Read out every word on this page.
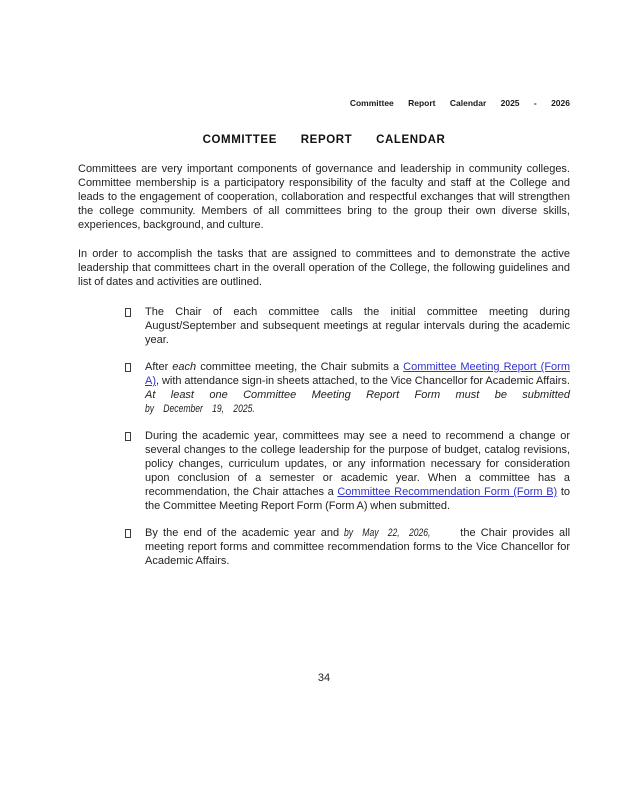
Committee Report Calendar 2025 - 2026
COMMITTEE REPORT CALENDAR

Committees are very important components of governance and leadership in community colleges. Committee membership is a participatory responsibility of the faculty and staff at the College and leads to the engagement of cooperation, collaboration and respectful exchanges that will strengthen the college community. Members of all committees bring to the group their own diverse skills, experiences, background, and culture.

In order to accomplish the tasks that are assigned to committees and to demonstrate the active leadership that committees chart in the overall operation of the College, the following guidelines and list of dates and activities are outlined.

The Chair of each committee calls the initial committee meeting during August/September and subsequent meetings at regular intervals during the academic year.
After each committee meeting, the Chair submits a Committee Meeting Report (Form A), with attendance sign-in sheets attached, to the Vice Chancellor for Academic Affairs. At least one Committee Meeting Report Form must be submitted by December 19, 2025.
During the academic year, committees may see a need to recommend a change or several changes to the college leadership for the purpose of budget, catalog revisions, policy changes, curriculum updates, or any information necessary for consideration upon conclusion of a semester or academic year. When a committee has a recommendation, the Chair attaches a Committee Recommendation Form (Form B) to the Committee Meeting Report Form (Form A) when submitted.
By the end of the academic year and by May 22, 2026, the Chair provides all meeting report forms and committee recommendation forms to the Vice Chancellor for Academic Affairs.
34
